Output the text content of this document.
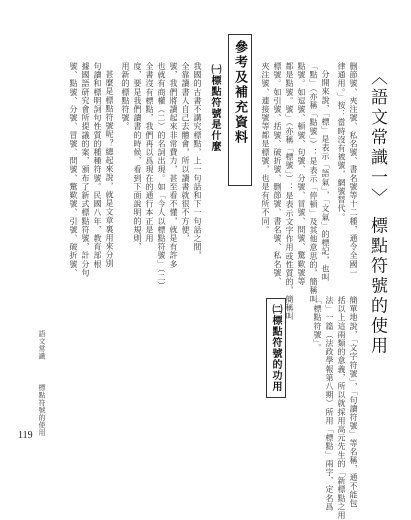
119
〈語文常識一〉 標點符號的使用
删節號、夾注號、私名號、書名號等十二種，通令全國一
律通用。」按：當時沒有被號，網號替代。
分開來說，「標」是表示「語氣」，「文氣」的標記，也叫
「點」（亦稱「點號」）：是表示「停頓」及其他意思的，簡稱叫
點號。如逗號、頓號、句號、分號、冒號、問號、驚歎號等
都是點號。號」（亦稱「標號」）：是表示文字作用或性質的，簡稱叫
標號。如引號、括號、破折號、删節號、書名號、私名號、
夾注號、連接號等都是標號，也是有所不同。
簡單地說，「文字符號」，「句讀符號」等名稱，通不能包
括以上這兩類的意義，所以就採用高元先生的「新標點之用
法」一篇（法政學報第八期）所用「標點」兩字，定名爲
「標點符號」。
參考及補充資料
㈠標點符號是什麼
我國的古書不講究標點，上一句話和下一句話之間，
全靠讀書人自己去體會，所以讀書就很不方便，
號，我們將讀起來非常費力，甚至看不懂，就是有許多
也就有商權（二）的名詞出現。如「今人以標點符號」（二）
全書沒有標點，我們再以爲現在的通行本正是用
度，要是我們讀書的時候，看到下面說明的規則，
用新的標點符號。
甚麼是標點符號呢？總起來說，就是文章裏用來分別
句讀和標明詞句性質的種種符號。民國八年，教育部根
據國語研究會所提議的案，頒布了新式標點符號，計分句
號、點號、分號、冒號、問號、驚歎號、引號、破折號、
㈡標點符號的功用
語文常識
標點符號的使用
